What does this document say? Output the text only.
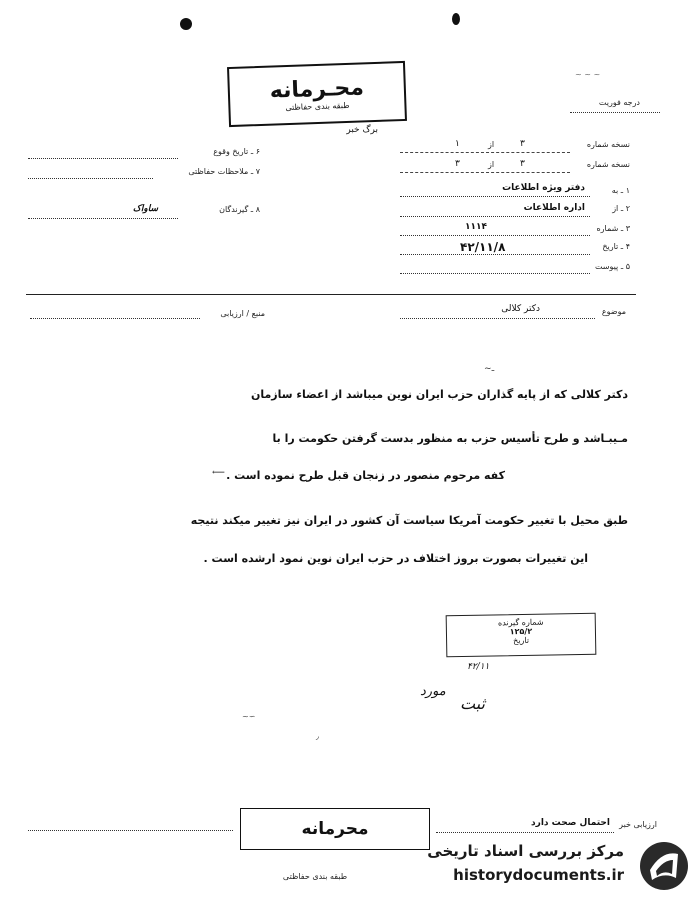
درجه فوریت
~ ~ ~
محـرمانه
طبقه بندی حفاظتی
برگ خبر
۶ ـ تاریخ وقوع
۷ ـ ملاحظات حفاظتی
۸ ـ گیرندگان
ساواک
نسخه شماره
۳
از
۱
نسخه شماره
۳
از
۳
۱ ـ به
دفتر ویژه اطلاعات
۲ ـ از
اداره اطلاعات
۳ ـ شماره
۱۱۱۴
۴ ـ تاریخ
۴۲/۱۱/۸
۵ ـ پیوست
موضوع
دکتر کلالی
منبع / ارزیابی
~ـ
دکتر کلالی که از پایه گذاران حزب ایران نوین میباشد از اعضاء سازمان
مـیبـاشد و طرح تأسیس حزب به منظور بدست گرفتن حکومت را با
کفه مرحوم منصور در زنجان قبل طرح نموده است .
⟵
طبق محیل با تغییر حکومت آمریکا سیاست آن کشور در ایران نیز تغییر میکند نتیجه
این تغییرات بصورت بروز اختلاف در حزب ایران نوین نمود ارشده است .
شماره گیرنده
۱۲۵/۲
تاریخ
۴۲/۱۱
ثبت
مورد
~∽
٫
ارزیابی خبر
احتمال صحت دارد
محرمانه
طبقه بندی حفاظتی
مرکز بررسی اسناد تاریخی
historydocuments.ir
